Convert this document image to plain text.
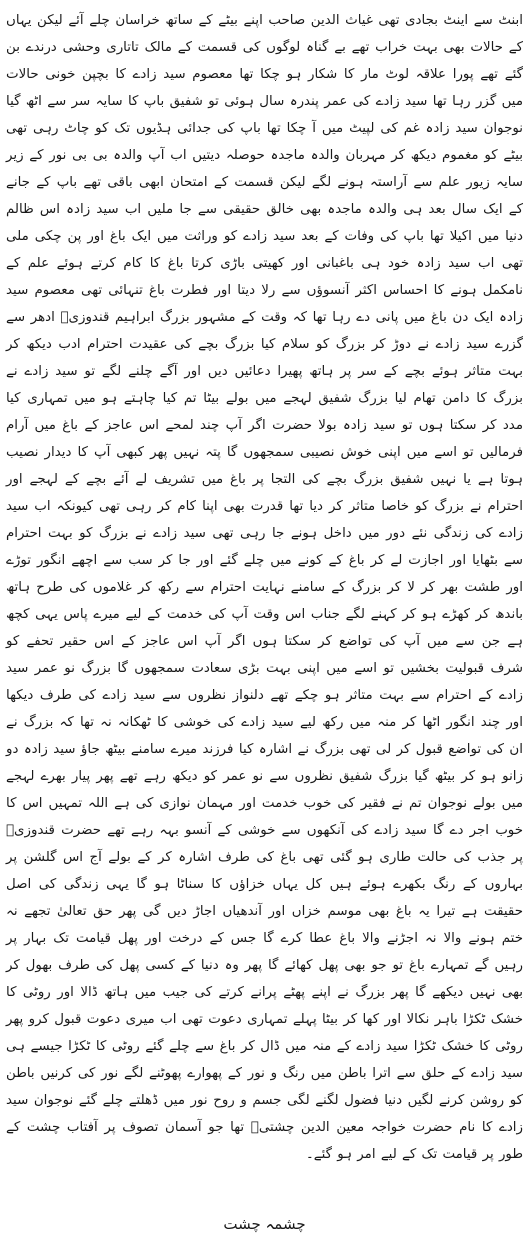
ابنٹ سے اینٹ بجادی تھی غیاث الدین صاحب اپنے بیٹے کے ساتھ خراسان چلے آئے لیکن یہاں کے حالات بھی بہت خراب تھے بے گناہ لوگوں کی قسمت کے مالک تاتاری وحشی درندے بن گئے تھے پورا علاقہ لوٹ مار کا شکار ہو چکا تھا معصوم سید زادے کا بچپن خونی حالات میں گزر رہا تھا سید زادے کی عمر پندرہ سال ہوئی تو شفیق باپ کا سایہ سر سے اٹھ گیا نوجوان سید زادہ غم کی لپیٹ میں آ چکا تھا باپ کی جدائی ہڈیوں تک کو چاٹ رہی تھی بیٹے کو مغموم دیکھ کر مہربان والدہ ماجدہ حوصلہ دیتیں اب آپ والدہ بی بی نور کے زیر سایہ زیور علم سے آراستہ ہونے لگے لیکن قسمت کے امتحان ابھی باقی تھے باپ کے جانے کے ایک سال بعد ہی والدہ ماجدہ بھی خالق حقیقی سے جا ملیں اب سید زادہ اس ظالم دنیا میں اکیلا تھا باپ کی وفات کے بعد سید زادے کو وراثت میں ایک باغ اور پن چکی ملی تھی اب سید زادہ خود ہی باغبانی اور کھیتی باڑی کرتا باغ کا کام کرتے ہوئے علم کے نامکمل ہونے کا احساس اکثر آنسوؤں سے رلا دیتا اور فطرت باغ تنہائی تھی معصوم سید زادہ ایک دن باغ میں پانی دے رہا تھا کہ وقت کے مشہور بزرگ ابراہیم قندوزیؒ ادھر سے گزرے سید زادے نے دوڑ کر بزرگ کو سلام کیا بزرگ بچے کی عقیدت احترام ادب دیکھ کر بہت متاثر ہوئے بچے کے سر پر ہاتھ پھیرا دعائیں دیں اور آگے چلنے لگے تو سید زادے نے بزرگ کا دامن تھام لیا بزرگ شفیق لہجے میں بولے بیٹا تم کیا چاہتے ہو میں تمہاری کیا مدد کر سکتا ہوں تو سید زادہ بولا حضرت اگر آپ چند لمحے اس عاجز کے باغ میں آرام فرمالیں تو اسے میں اپنی خوش نصیبی سمجھوں گا پتہ نہیں پھر کبھی آپ کا دیدار نصیب ہوتا ہے یا نہیں شفیق بزرگ بچے کی التجا پر باغ میں تشریف لے آئے بچے کے لہجے اور احترام نے بزرگ کو خاصا متاثر کر دیا تھا قدرت بھی اپنا کام کر رہی تھی کیونکہ اب سید زادے کی زندگی نئے دور میں داخل ہونے جا رہی تھی سید زادے نے بزرگ کو بہت احترام سے بٹھایا اور اجازت لے کر باغ کے کونے میں چلے گئے اور جا کر سب سے اچھے انگور توڑے اور طشت بھر کر لا کر بزرگ کے سامنے نہایت احترام سے رکھ کر غلاموں کی طرح ہاتھ باندھ کر کھڑے ہو کر کہنے لگے جناب اس وقت آپ کی خدمت کے لیے میرے پاس یہی کچھ ہے جن سے میں آپ کی تواضع کر سکتا ہوں اگر آپ اس عاجز کے اس حقیر تحفے کو شرف قبولیت بخشیں تو اسے میں اپنی بہت بڑی سعادت سمجھوں گا بزرگ نو عمر سید زادے کے احترام سے بہت متاثر ہو چکے تھے دلنواز نظروں سے سید زادے کی طرف دیکھا اور چند انگور اٹھا کر منہ میں رکھ لیے سید زادے کی خوشی کا ٹھکانہ نہ تھا کہ بزرگ نے ان کی تواضع قبول کر لی تھی بزرگ نے اشارہ کیا فرزند میرے سامنے بیٹھ جاؤ سید زادہ دو زانو ہو کر بیٹھ گیا بزرگ شفیق نظروں سے نو عمر کو دیکھ رہے تھے پھر پیار بھرے لہجے میں بولے نوجوان تم نے فقیر کی خوب خدمت اور مہمان نوازی کی ہے اللہ تمہیں اس کا خوب اجر دے گا سید زادے کی آنکھوں سے خوشی کے آنسو بہہ رہے تھے حضرت قندوزیؒ پر جذب کی حالت طاری ہو گئی تھی باغ کی طرف اشارہ کر کے بولے آج اس گلشن پر بہاروں کے رنگ بکھرے ہوئے ہیں کل یہاں خزاؤں کا سناٹا ہو گا یہی زندگی کی اصل حقیقت ہے تیرا یہ باغ بھی موسم خزاں اور آندھیاں اجاڑ دیں گی پھر حق تعالیٰ تجھے نہ ختم ہونے والا نہ اجڑنے والا باغ عطا کرے گا جس کے درخت اور پھل قیامت تک بہار پر رہیں گے تمہارے باغ تو جو بھی پھل کھائے گا پھر وہ دنیا کے کسی پھل کی طرف بھول کر بھی نہیں دیکھے گا پھر بزرگ نے اپنے پھٹے پرانے کرتے کی جیب میں ہاتھ ڈالا اور روٹی کا خشک ٹکڑا باہر نکالا اور کھا کر بیٹا پہلے تمہاری دعوت تھی اب میری دعوت قبول کرو پھر روٹی کا خشک ٹکڑا سید زادے کے منہ میں ڈال کر باغ سے چلے گئے روٹی کا ٹکڑا جیسے ہی سید زادے کے حلق سے اترا باطن میں رنگ و نور کے پھوارے پھوٹنے لگے نور کی کرنیں باطن کو روشن کرنے لگیں دنیا فضول لگنے لگی جسم و روح نور میں ڈھلتے چلے گئے نوجوان سید زادے کا نام حضرت خواجہ معین الدین چشتیؒ تھا جو آسمان تصوف پر آفتاب چشت کے طور پر قیامت تک کے لیے امر ہو گئے۔

چشمہ چشت
